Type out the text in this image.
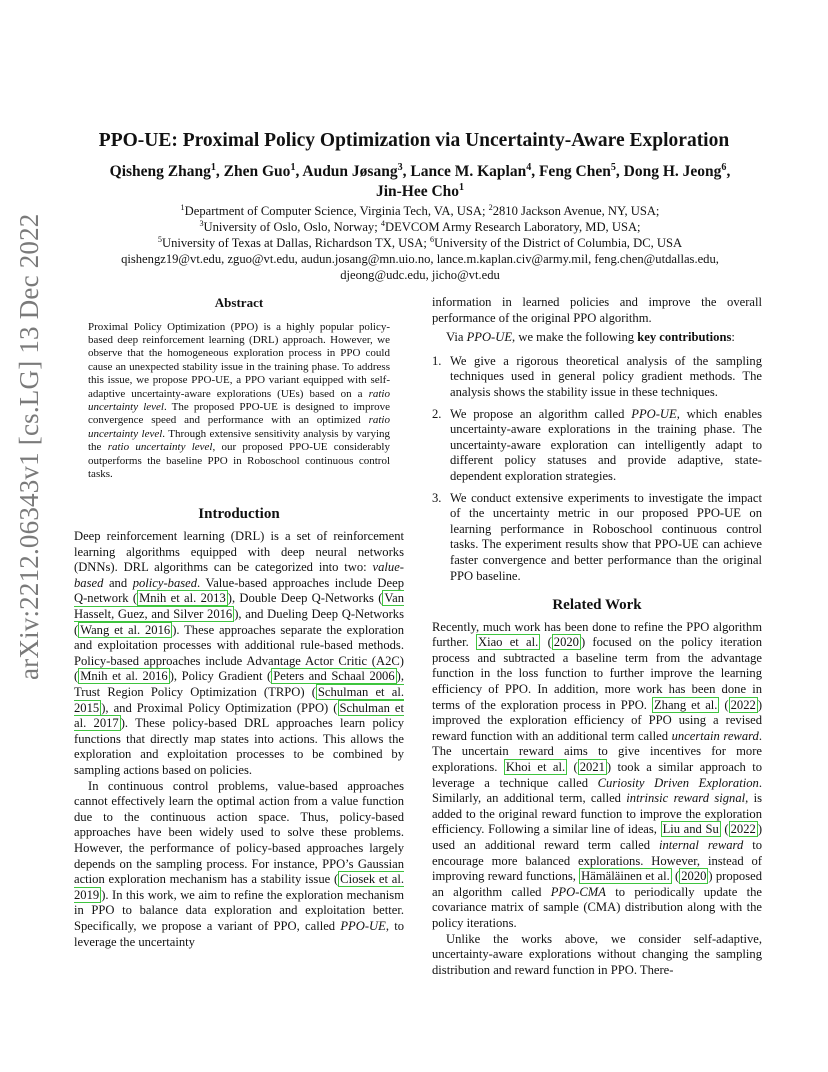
arXiv:2212.06343v1 [cs.LG] 13 Dec 2022
PPO-UE: Proximal Policy Optimization via Uncertainty-Aware Exploration
Qisheng Zhang$^1$, Zhen Guo$^1$, Audun Jøsang$^3$, Lance M. Kaplan$^4$, Feng Chen$^5$, Dong H. Jeong$^6$,
Jin-Hee Cho$^1$
$^1$Department of Computer Science, Virginia Tech, VA, USA; $^2$2810 Jackson Avenue, NY, USA;
$^3$University of Oslo, Oslo, Norway; $^4$DEVCOM Army Research Laboratory, MD, USA;
$^5$University of Texas at Dallas, Richardson TX, USA; $^6$University of the District of Columbia, DC, USA
qishengz19@vt.edu, zguo@vt.edu, audun.josang@mn.uio.no, lance.m.kaplan.civ@army.mil, feng.chen@utdallas.edu,
djeong@udc.edu, jicho@vt.edu
Abstract

Proximal Policy Optimization (PPO) is a highly popular policy-based deep reinforcement learning (DRL) approach. However, we observe that the homogeneous exploration process in PPO could cause an unexpected stability issue in the training phase. To address this issue, we propose PPO-UE, a PPO variant equipped with self-adaptive uncertainty-aware explorations (UEs) based on a ratio uncertainty level. The proposed PPO-UE is designed to improve convergence speed and performance with an optimized ratio uncertainty level. Through extensive sensitivity analysis by varying the ratio uncertainty level, our proposed PPO-UE considerably outperforms the baseline PPO in Roboschool continuous control tasks.

Introduction

Deep reinforcement learning (DRL) is a set of reinforcement learning algorithms equipped with deep neural networks (DNNs). DRL algorithms can be categorized into two: value-based and policy-based. Value-based approaches include Deep Q-network ( Mnih et al. 2013 ), Double Deep Q-Networks ( Van Hasselt, Guez, and Silver 2016 ), and Dueling Deep Q-Networks ( Wang et al. 2016 ). These approaches separate the exploration and exploitation processes with additional rule-based methods. Policy-based approaches include Advantage Actor Critic (A2C) ( Mnih et al. 2016 ), Policy Gradient ( Peters and Schaal 2006 ), Trust Region Policy Optimization (TRPO) ( Schulman et al. 2015 ), and Proximal Policy Optimization (PPO) ( Schulman et al. 2017 ). These policy-based DRL approaches learn policy functions that directly map states into actions. This allows the exploration and exploitation processes to be combined by sampling actions based on policies.

In continuous control problems, value-based approaches cannot effectively learn the optimal action from a value function due to the continuous action space. Thus, policy-based approaches have been widely used to solve these problems. However, the performance of policy-based approaches largely depends on the sampling process. For instance, PPO’s Gaussian action exploration mechanism has a stability issue ( Ciosek et al. 2019 ). In this work, we aim to refine the exploration mechanism in PPO to balance data exploration and exploitation better. Specifically, we propose a variant of PPO, called PPO-UE, to leverage the uncertainty

information in learned policies and improve the overall performance of the original PPO algorithm.

Via PPO-UE, we make the following key contributions:

1. We give a rigorous theoretical analysis of the sampling techniques used in general policy gradient methods. The analysis shows the stability issue in these techniques.
2. We propose an algorithm called PPO-UE, which enables uncertainty-aware explorations in the training phase. The uncertainty-aware exploration can intelligently adapt to different policy statuses and provide adaptive, state-dependent exploration strategies.
3. We conduct extensive experiments to investigate the impact of the uncertainty metric in our proposed PPO-UE on learning performance in Roboschool continuous control tasks. The experiment results show that PPO-UE can achieve faster convergence and better performance than the original PPO baseline.
Related Work

Recently, much work has been done to refine the PPO algorithm further. Xiao et al. ( 2020 ) focused on the policy iteration process and subtracted a baseline term from the advantage function in the loss function to further improve the learning efficiency of PPO. In addition, more work has been done in terms of the exploration process in PPO. Zhang et al. ( 2022 ) improved the exploration efficiency of PPO using a revised reward function with an additional term called uncertain reward. The uncertain reward aims to give incentives for more explorations. Khoi et al. ( 2021 ) took a similar approach to leverage a technique called Curiosity Driven Exploration. Similarly, an additional term, called intrinsic reward signal, is added to the original reward function to improve the exploration efficiency. Following a similar line of ideas, Liu and Su ( 2022 ) used an additional reward term called internal reward to encourage more balanced explorations. However, instead of improving reward functions, Hämäläinen et al. ( 2020 ) proposed an algorithm called PPO-CMA to periodically update the covariance matrix of sample (CMA) distribution along with the policy iterations.

Unlike the works above, we consider self-adaptive, uncertainty-aware explorations without changing the sampling distribution and reward function in PPO. There-
